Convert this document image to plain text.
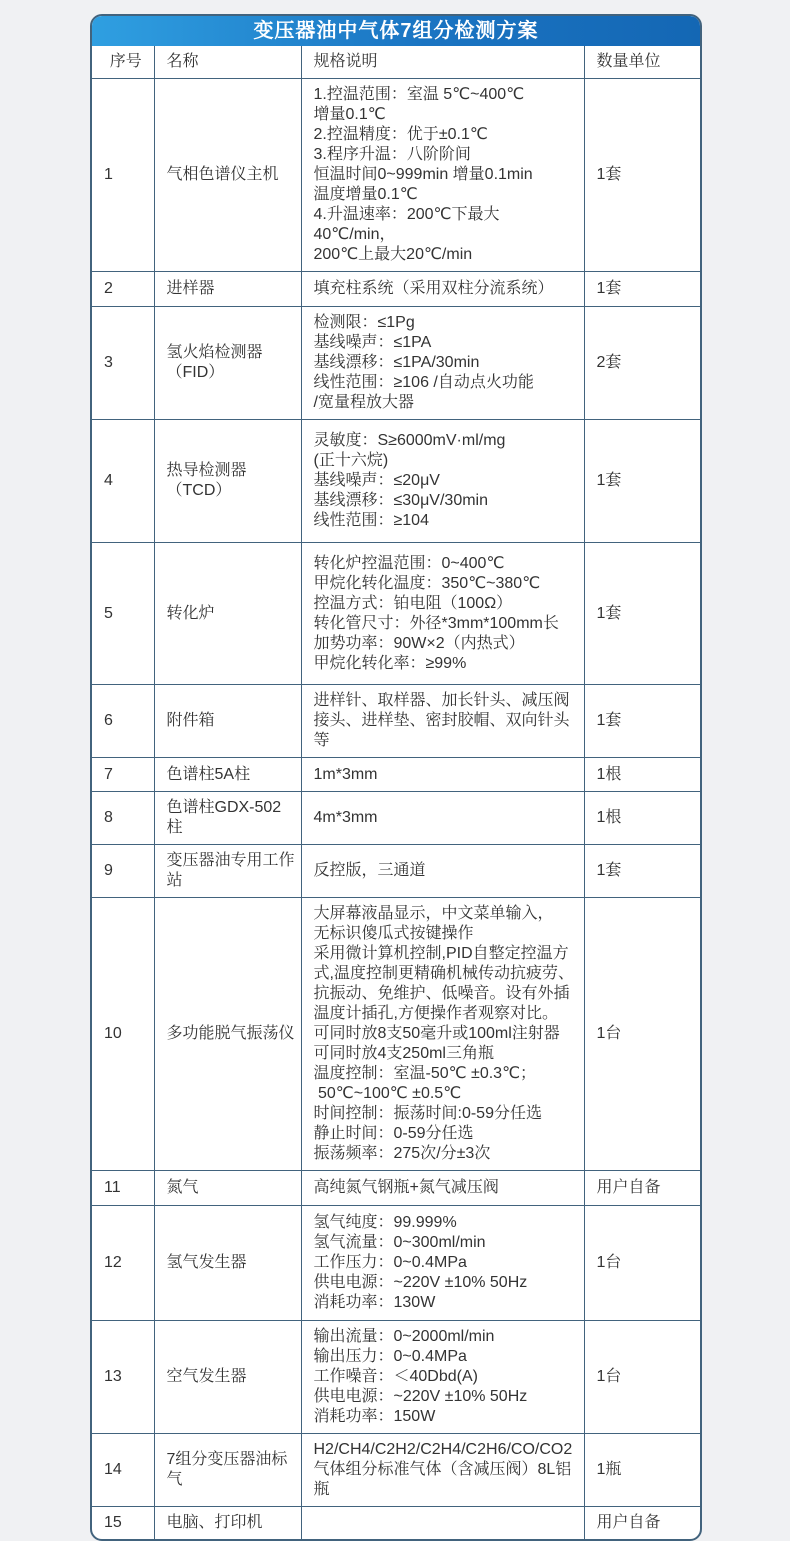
变压器油中气体7组分检测方案
序号	名称	规格说明	数量单位
1	气相色谱仪主机	
1.控温范围：室温 5℃~400℃
增量0.1℃
2.控温精度：优于±0.1℃
3.程序升温：八阶阶间
恒温时间0~999min 增量0.1min
温度增量0.1℃
4.升温速率：200℃下最大40℃/min，
200℃上最大20℃/min
	1套
2	进样器	填充柱系统（采用双柱分流系统）	1套
3	氢火焰检测器（FID）	检测限：≤1Pg
基线噪声：≤1PA
基线漂移：≤1PA/30min
线性范围：≥106 /自动点火功能
/宽量程放大器	2套
4	热导检测器（TCD）	灵敏度：S≥6000mV·ml/mg
(正十六烷)
基线噪声：≤20μV
基线漂移：≤30μV/30min
线性范围：≥104	1套
5	转化炉	
转化炉控温范围：0~400℃
甲烷化转化温度：350℃~380℃
控温方式：铂电阻（100Ω）
转化管尺寸：外径*3mm*100mm长
加势功率：90W×2（内热式）
甲烷化转化率：≥99%
	1套
6	附件箱	进样针、取样器、加长针头、减压阀接头、进样垫、密封胶帽、双向针头等	1套
7	色谱柱5A柱	1m*3mm	1根
8	色谱柱GDX-502柱	4m*3mm	1根
9	变压器油专用工作站	反控版，三通道	1套
10	多功能脱气振荡仪	
大屏幕液晶显示，中文菜单输入，
无标识傻瓜式按键操作
采用微计算机控制,PID自整定控温方式,温度控制更精确机械传动抗疲劳、抗振动、免维护、低噪音。设有外插温度计插孔,方便操作者观察对比。
可同时放8支50毫升或100ml注射器
可同时放4支250ml三角瓶
温度控制：室温-50℃ ±0.3℃；
50℃~100℃ ±0.5℃
时间控制：振荡时间:0-59分任选
静止时间：0-59分任选
振荡频率：275次/分±3次
	1台
11	氮气	高纯氮气钢瓶+氮气减压阀	用户自备
12	氢气发生器	氢气纯度：99.999%
氢气流量：0~300ml/min
工作压力：0~0.4MPa
供电电源：~220V ±10% 50Hz
消耗功率：130W	1台
13	空气发生器	输出流量：0~2000ml/min
输出压力：0~0.4MPa
工作噪音：＜40Dbd(A)
供电电源：~220V ±10% 50Hz
消耗功率：150W	1台
14	7组分变压器油标气	H2/CH4/C2H2/C2H4/C2H6/CO/CO2
气体组分标准气体（含减压阀）8L铝瓶	1瓶
15	电脑、打印机		用户自备
